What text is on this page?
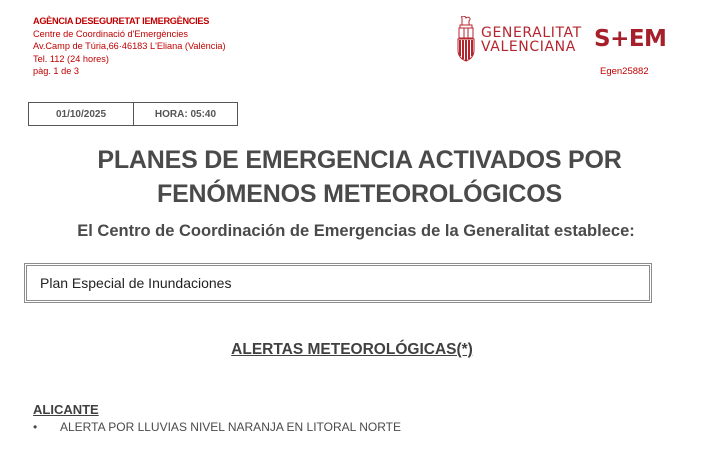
AGÈNCIA DESEGURETAT IEMERGÈNCIES
Centre de Coordinació d'Emergències
Av.Camp de Túria,66·46183 L'Eliana (València)
Tel. 112 (24 hores)
pàg. 1 de 3
GENERALITAT
VALENCIANA S+EM
Egen25882
01/10/2025	HORA: 05:40
PLANES DE EMERGENCIA ACTIVADOS POR
FENÓMENOS METEOROLÓGICOS
El Centro de Coordinación de Emergencias de la Generalitat establece:
Plan Especial de Inundaciones
ALERTAS METEOROLÓGICAS(*)
ALICANTE
•	ALERTA POR LLUVIAS NIVEL NARANJA EN LITORAL NORTE
